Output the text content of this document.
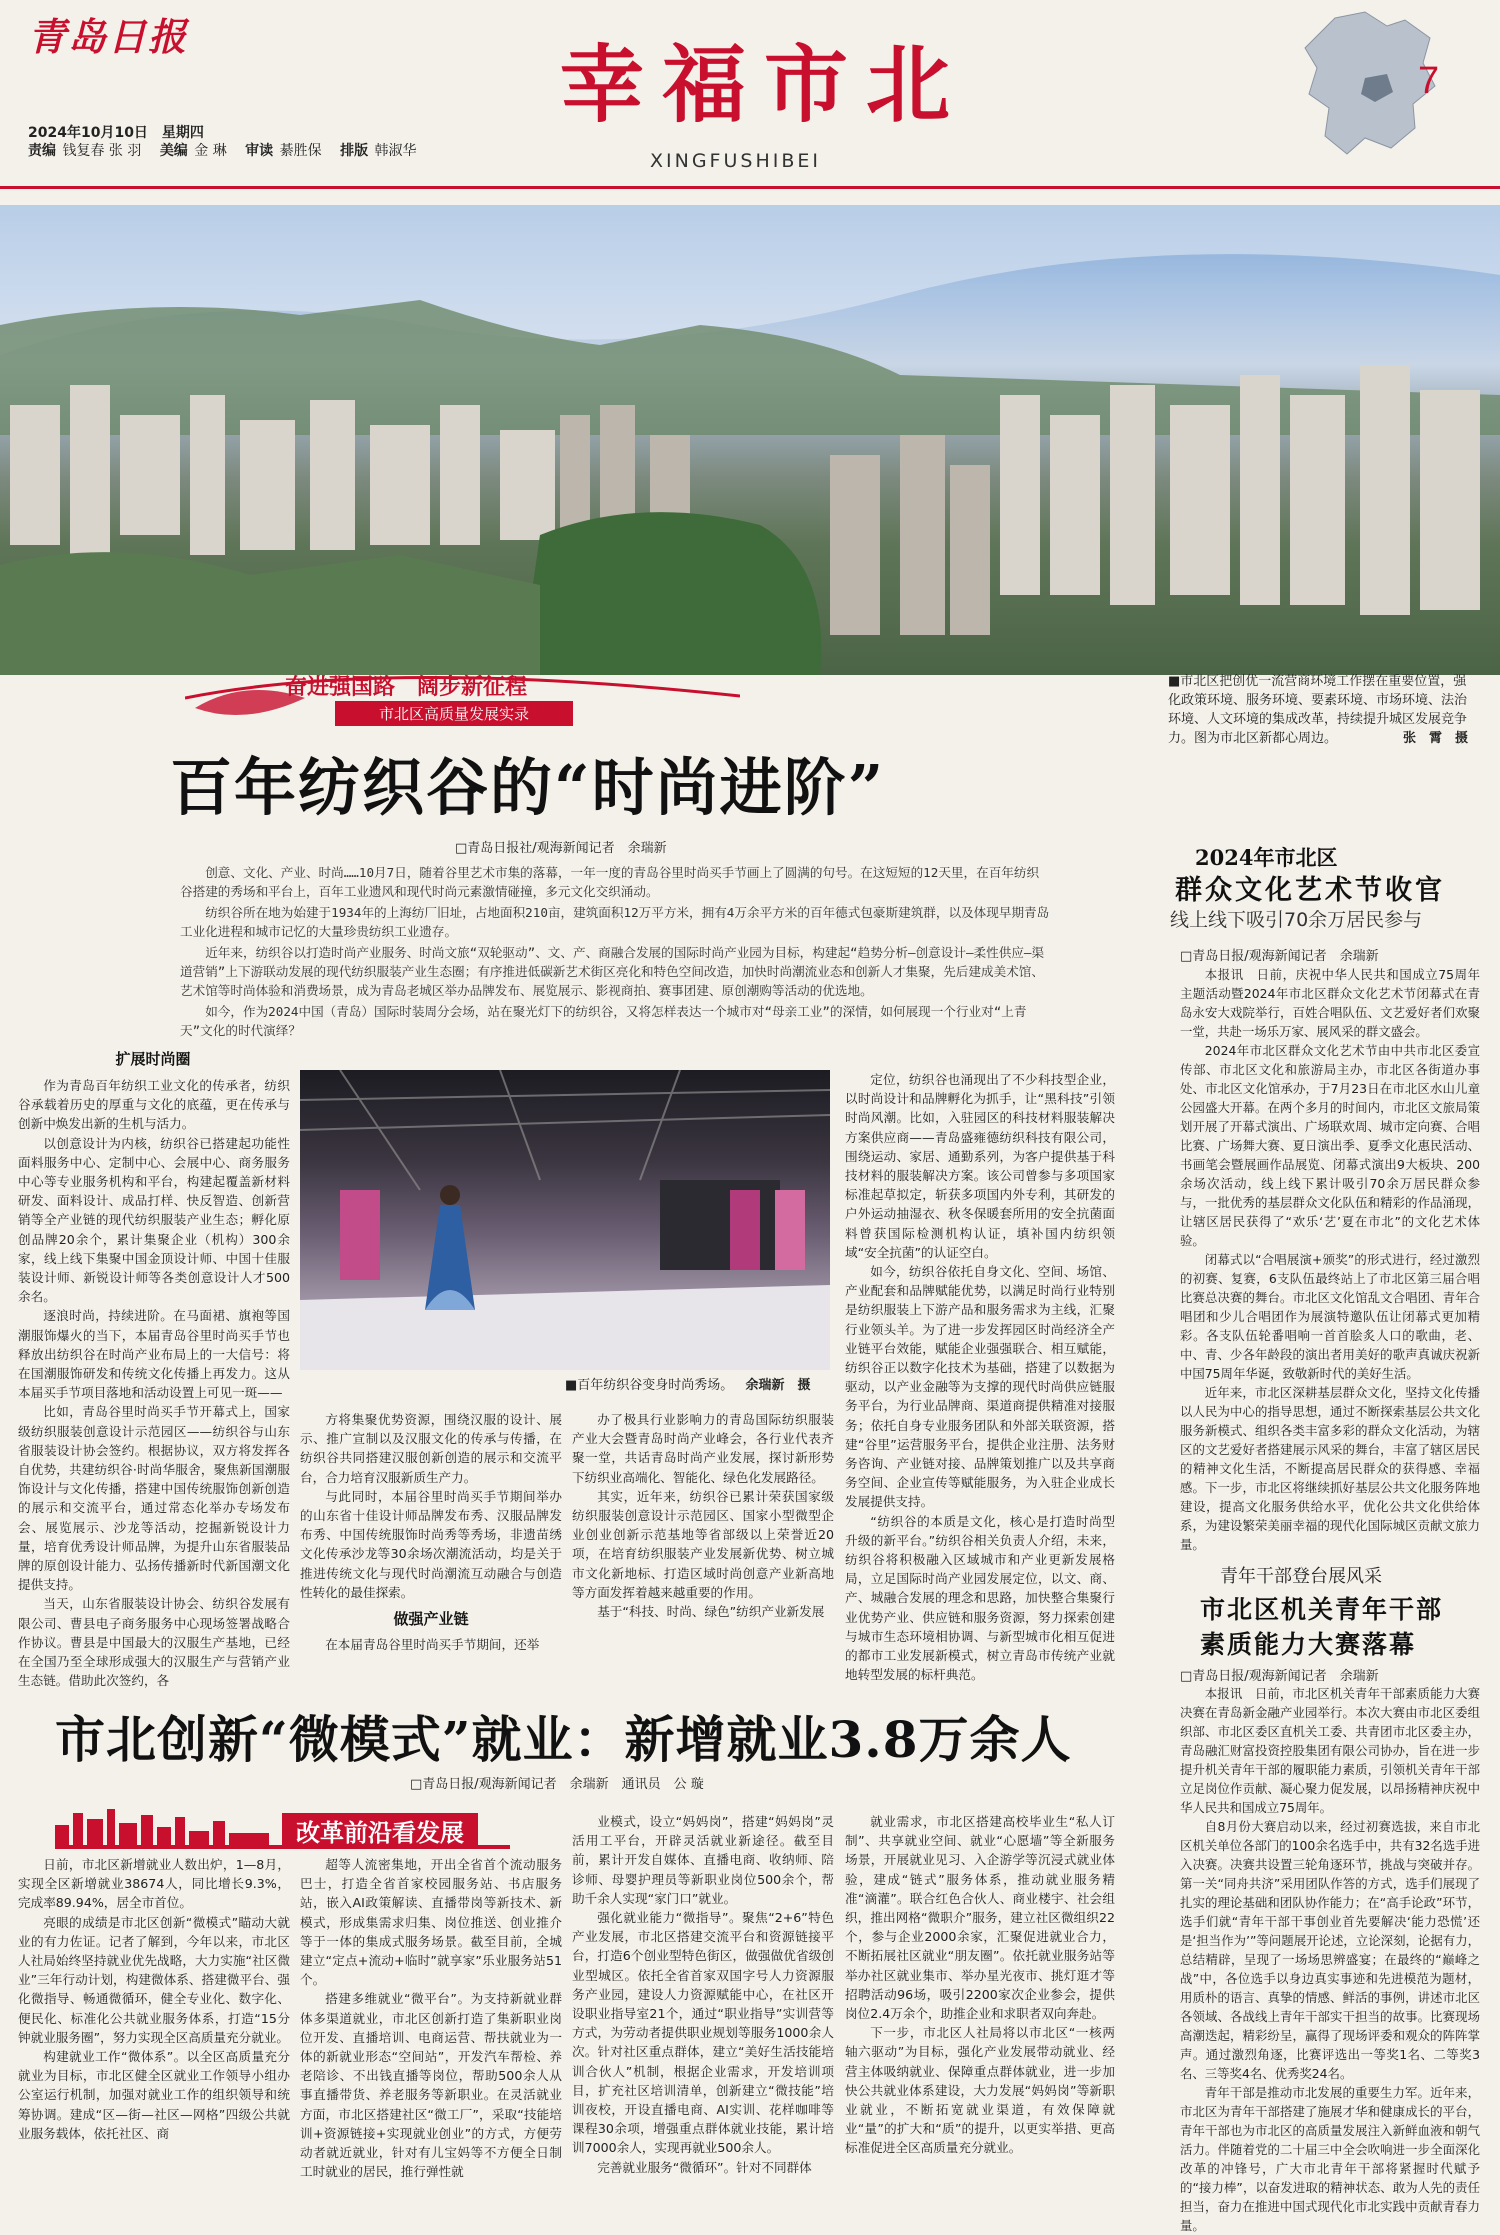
青岛日报
2024年10月10日　星期四
责编 钱复春 张 羽 美编 金 琳 审读 綦胜保 排版 韩淑华
幸福市北
XINGFUSHIBEI
7
■市北区把创优一流营商环境工作摆在重要位置，强化政策环境、服务环境、要素环境、市场环境、法治环境、人文环境的集成改革，持续提升城区发展竞争力。图为市北区新都心周边。	张　霄　摄
奋进强国路　阔步新征程
市北区高质量发展实录
百年纺织谷的“时尚进阶”
□青岛日报社/观海新闻记者　余瑞新

创意、文化、产业、时尚……10月7日，随着谷里艺术市集的落幕，一年一度的青岛谷里时尚买手节画上了圆满的句号。在这短短的12天里，在百年纺织谷搭建的秀场和平台上，百年工业遗风和现代时尚元素激情碰撞，多元文化交织涌动。

纺织谷所在地为始建于1934年的上海纺厂旧址，占地面积210亩，建筑面积12万平方米，拥有4万余平方米的百年德式包豪斯建筑群，以及体现早期青岛工业化进程和城市记忆的大量珍贵纺织工业遗存。

近年来，纺织谷以打造时尚产业服务、时尚文旅“双轮驱动”、文、产、商融合发展的国际时尚产业园为目标，构建起“趋势分析—创意设计—柔性供应—渠道营销”上下游联动发展的现代纺织服装产业生态圈；有序推进低碳新艺术街区亮化和特色空间改造，加快时尚潮流业态和创新人才集聚，先后建成美术馆、艺术馆等时尚体验和消费场景，成为青岛老城区举办品牌发布、展览展示、影视商拍、赛事团建、原创潮购等活动的优选地。

如今，作为2024中国（青岛）国际时装周分会场，站在聚光灯下的纺织谷，又将怎样表达一个城市对“母亲工业”的深情，如何展现一个行业对“上青天”文化的时代演绎？

扩展时尚圈

作为青岛百年纺织工业文化的传承者，纺织谷承载着历史的厚重与文化的底蕴，更在传承与创新中焕发出新的生机与活力。

以创意设计为内核，纺织谷已搭建起功能性面料服务中心、定制中心、会展中心、商务服务中心等专业服务机构和平台，构建起覆盖新材料研发、面料设计、成品打样、快反智造、创新营销等全产业链的现代纺织服装产业生态；孵化原创品牌20余个，累计集聚企业（机构）300余家，线上线下集聚中国金顶设计师、中国十佳服装设计师、新锐设计师等各类创意设计人才500余名。

逐浪时尚，持续进阶。在马面裙、旗袍等国潮服饰爆火的当下，本届青岛谷里时尚买手节也释放出纺织谷在时尚产业布局上的一大信号：将在国潮服饰研发和传统文化传播上再发力。这从本届买手节项目落地和活动设置上可见一斑——

比如，青岛谷里时尚买手节开幕式上，国家级纺织服装创意设计示范园区——纺织谷与山东省服装设计协会签约。根据协议，双方将发挥各自优势，共建纺织谷·时尚华服舍，聚焦新国潮服饰设计与文化传播，搭建中国传统服饰创新创造的展示和交流平台，通过常态化举办专场发布会、展览展示、沙龙等活动，挖掘新锐设计力量，培育优秀设计师品牌，为提升山东省服装品牌的原创设计能力、弘扬传播新时代新国潮文化提供支持。

当天，山东省服装设计协会、纺织谷发展有限公司、曹县电子商务服务中心现场签署战略合作协议。曹县是中国最大的汉服生产基地，已经在全国乃至全球形成强大的汉服生产与营销产业生态链。借助此次签约，各

■百年纺织谷变身时尚秀场。 余瑞新　摄

方将集聚优势资源，围绕汉服的设计、展示、推广宣制以及汉服文化的传承与传播，在纺织谷共同搭建汉服创新创造的展示和交流平台，合力培育汉服新质生产力。

与此同时，本届谷里时尚买手节期间举办的山东省十佳设计师品牌发布秀、汉服品牌发布秀、中国传统服饰时尚秀等秀场，非遗苗绣文化传承沙龙等30余场次潮流活动，均是关于推进传统文化与现代时尚潮流互动融合与创造性转化的最佳探索。

做强产业链

在本届青岛谷里时尚买手节期间，还举

办了极具行业影响力的青岛国际纺织服装产业大会暨青岛时尚产业峰会，各行业代表齐聚一堂，共话青岛时尚产业发展，探讨新形势下纺织业高端化、智能化、绿色化发展路径。

其实，近年来，纺织谷已累计荣获国家级纺织服装创意设计示范园区、国家小型微型企业创业创新示范基地等省部级以上荣誉近20项，在培育纺织服装产业发展新优势、树立城市文化新地标、打造区域时尚创意产业新高地等方面发挥着越来越重要的作用。

基于“科技、时尚、绿色”纺织产业新发展

定位，纺织谷也涌现出了不少科技型企业，以时尚设计和品牌孵化为抓手，让“黑科技”引领时尚风潮。比如，入驻园区的科技材料服装解决方案供应商——青岛盛雍德纺织科技有限公司，围绕运动、家居、通勤系列，为客户提供基于科技材料的服装解决方案。该公司曾参与多项国家标准起草拟定，斩获多项国内外专利，其研发的户外运动抽湿衣、秋冬保暖套所用的安全抗菌面料曾获国际检测机构认证，填补国内纺织领域“安全抗菌”的认证空白。

如今，纺织谷依托自身文化、空间、场馆、产业配套和品牌赋能优势，以满足时尚行业特别是纺织服装上下游产品和服务需求为主线，汇聚行业领头羊。为了进一步发挥园区时尚经济全产业链平台效能，赋能企业强强联合、相互赋能，纺织谷正以数字化技术为基础，搭建了以数据为驱动，以产业金融等为支撑的现代时尚供应链服务平台，为行业品牌商、渠道商提供精准对接服务；依托自身专业服务团队和外部关联资源，搭建“谷里”运营服务平台，提供企业注册、法务财务咨询、产业链对接、品牌策划推广以及共享商务空间、企业宣传等赋能服务，为入驻企业成长发展提供支持。

“纺织谷的本质是文化，核心是打造时尚型升级的新平台。”纺织谷相关负责人介绍，未来，纺织谷将积极融入区域城市和产业更新发展格局，立足国际时尚产业园发展定位，以文、商、产、城融合发展的理念和思路，加快整合集聚行业优势产业、供应链和服务资源，努力探索创建与城市生态环境相协调、与新型城市化相互促进的都市工业发展新模式，树立青岛市传统产业就地转型发展的标杆典范。

2024年市北区
群众文化艺术节收官
线上线下吸引70余万居民参与
□青岛日报/观海新闻记者　余瑞新

本报讯　日前，庆祝中华人民共和国成立75周年主题活动暨2024年市北区群众文化艺术节闭幕式在青岛永安大戏院举行，百姓合唱队伍、文艺爱好者们欢聚一堂，共赴一场乐万家、展风采的群文盛会。

2024年市北区群众文化艺术节由中共市北区委宣传部、市北区文化和旅游局主办，市北区各街道办事处、市北区文化馆承办，于7月23日在市北区水山儿童公园盛大开幕。在两个多月的时间内，市北区文旅局策划开展了开幕式演出、广场联欢周、城市定向赛、合唱比赛、广场舞大赛、夏日演出季、夏季文化惠民活动、书画笔会暨展画作品展览、闭幕式演出9大板块、200余场次活动，线上线下累计吸引70余万居民群众参与，一批优秀的基层群众文化队伍和精彩的作品涌现，让辖区居民获得了“欢乐‘艺’夏在市北”的文化艺术体验。

闭幕式以“合唱展演+颁奖”的形式进行，经过激烈的初赛、复赛，6支队伍最终站上了市北区第三届合唱比赛总决赛的舞台。市北区文化馆乱文合唱团、青年合唱团和少儿合唱团作为展演特邀队伍让闭幕式更加精彩。各支队伍轮番唱响一首首脍炙人口的歌曲，老、中、青、少各年龄段的演出者用美好的歌声真诚庆祝新中国75周年华诞，致敬新时代的美好生活。

近年来，市北区深耕基层群众文化，坚持文化传播以人民为中心的指导思想，通过不断探索基层公共文化服务新模式、组织各类丰富多彩的群众文化活动，为辖区的文艺爱好者搭建展示风采的舞台，丰富了辖区居民的精神文化生活，不断提高居民群众的获得感、幸福感。下一步，市北区将继续抓好基层公共文化服务阵地建设，提高文化服务供给水平，优化公共文化供给体系，为建设繁荣美丽幸福的现代化国际城区贡献文旅力量。

青年干部登台展风采
市北区机关青年干部
素质能力大赛落幕
□青岛日报/观海新闻记者　余瑞新

本报讯　日前，市北区机关青年干部素质能力大赛决赛在青岛新金融产业园举行。本次大赛由市北区委组织部、市北区委区直机关工委、共青团市北区委主办，青岛融汇财富投资控股集团有限公司协办，旨在进一步提升机关青年干部的履职能力素质，引领机关青年干部立足岗位作贡献、凝心聚力促发展，以昂扬精神庆祝中华人民共和国成立75周年。

自8月份大赛启动以来，经过初赛选拔，来自市北区机关单位各部门的100余名选手中，共有32名选手进入决赛。决赛共设置三轮角逐环节，挑战与突破并存。第一关“同舟共济”采用团队作答的方式，选手们展现了扎实的理论基础和团队协作能力；在“高手论政”环节，选手们就“青年干部干事创业首先要解决‘能力恐慌’还是‘担当作为’”等问题展开论述，立论深刻，论据有力，总结精辟，呈现了一场场思辨盛宴；在最终的“巅峰之战”中，各位选手以身边真实事迹和先进模范为题材，用质朴的语言、真挚的情感、鲜活的事例，讲述市北区各领域、各战线上青年干部实干担当的故事。比赛现场高潮迭起，精彩纷呈，赢得了现场评委和观众的阵阵掌声。通过激烈角逐，比赛评选出一等奖1名、二等奖3名、三等奖4名、优秀奖24名。

青年干部是推动市北发展的重要生力军。近年来，市北区为青年干部搭建了施展才华和健康成长的平台，青年干部也为市北区的高质量发展注入新鲜血液和朝气活力。伴随着党的二十届三中全会吹响进一步全面深化改革的冲锋号，广大市北青年干部将紧握时代赋予的“接力棒”，以奋发进取的精神状态、敢为人先的责任担当，奋力在推进中国式现代化市北实践中贡献青春力量。

市北创新“微模式”就业：新增就业3.8万余人
□青岛日报/观海新闻记者　余瑞新　通讯员　公 璇
改革前沿看发展

日前，市北区新增就业人数出炉，1—8月，实现全区新增就业38674人，同比增长9.3%，完成率89.94%，居全市首位。

亮眼的成绩是市北区创新“微模式”瞄动大就业的有力佐证。记者了解到，今年以来，市北区人社局始终坚持就业优先战略，大力实施“社区微业”三年行动计划，构建微体系、搭建微平台、强化微指导、畅通微循环，健全专业化、数字化、便民化、标准化公共就业服务体系，打造“15分钟就业服务圈”，努力实现全区高质量充分就业。

构建就业工作“微体系”。以全区高质量充分就业为目标，市北区健全区就业工作领导小组办公室运行机制，加强对就业工作的组织领导和统筹协调。建成“区—街—社区—网格”四级公共就业服务载体，依托社区、商

超等人流密集地，开出全省首个流动服务巴士，打造全省首家校园服务站、书店服务站，嵌入AI政策解读、直播带岗等新技术、新模式，形成集需求归集、岗位推送、创业推介等于一体的集成式服务场景。截至目前，全城建立“定点+流动+临时”就享家”乐业服务站51个。

搭建多维就业“微平台”。为支持新就业群体多渠道就业，市北区创新打造了集新职业岗位开发、直播培训、电商运营、帮扶就业为一体的新就业形态“空间站”，开发汽车帮检、养老陪诊、不出钱直播等岗位，帮助500余人从事直播带货、养老服务等新职业。在灵活就业方面，市北区搭建社区“微工厂”，采取“技能培训+资源链接+实现就业创业”的方式，方便劳动者就近就业，针对有儿宝妈等不方便全日制工时就业的居民，推行弹性就

业模式，设立“妈妈岗”，搭建“妈妈岗”灵活用工平台，开辟灵活就业新途径。截至目前，累计开发自媒体、直播电商、收纳师、陪诊师、母婴护理员等新职业岗位500余个，帮助千余人实现“家门口”就业。

强化就业能力“微指导”。聚焦“2+6”特色产业发展，市北区搭建交流平台和资源链接平台，打造6个创业型特色街区，做强做优省级创业型城区。依托全省首家双国字号人力资源服务产业园，建设人力资源赋能中心，在社区开设职业指导室21个，通过“职业指导”实训营等方式，为劳动者提供职业规划等服务1000余人次。针对社区重点群体，建立“美好生活技能培训合伙人”机制，根据企业需求，开发培训项目，扩充社区培训清单，创新建立“微技能”培训夜校，开设直播电商、AI实训、花样咖啡等课程30余项，增强重点群体就业技能，累计培训7000余人，实现再就业500余人。

完善就业服务“微循环”。针对不同群体

就业需求，市北区搭建高校毕业生“私人订制”、共享就业空间、就业“心愿墙”等全新服务场景，开展就业见习、入企游学等沉浸式就业体验，建成“链式”服务体系，推动就业服务精准“滴灌”。联合红色合伙人、商业楼宇、社会组织，推出网格“微职介”服务，建立社区微组织22个，参与企业2000余家，汇聚促进就业合力，不断拓展社区就业“朋友圈”。依托就业服务站等举办社区就业集市、举办星光夜市、挑灯逛才等招聘活动96场，吸引2200家次企业参会，提供岗位2.4万余个，助推企业和求职者双向奔赴。

下一步，市北区人社局将以市北区“一核两轴六驱动”为目标，强化产业发展带动就业、经营主体吸纳就业、保障重点群体就业，进一步加快公共就业体系建设，大力发展“妈妈岗”等新职业就业，不断拓宽就业渠道，有效保障就业“量”的扩大和“质”的提升，以更实举措、更高标准促进全区高质量充分就业。
